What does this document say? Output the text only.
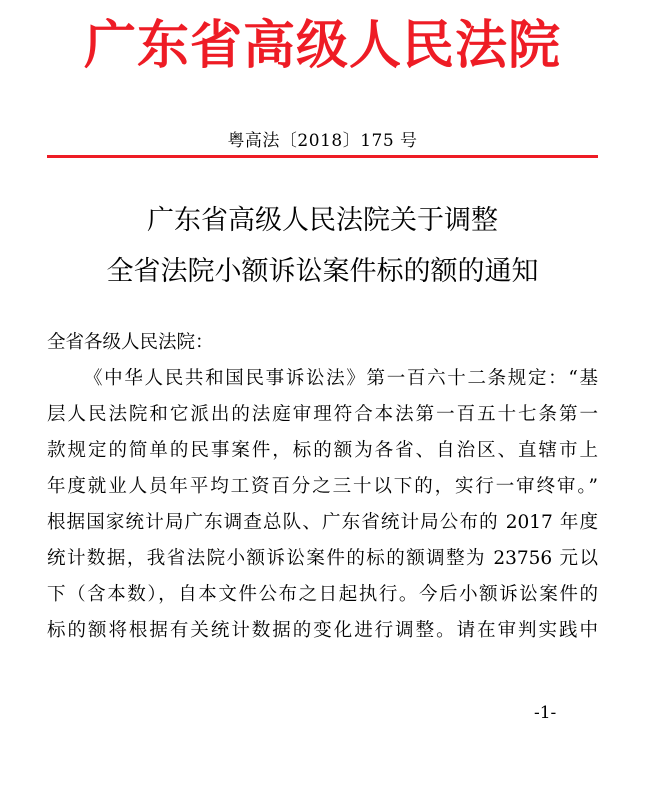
广东省高级人民法院
粤高法〔2018〕175 号
广东省高级人民法院关于调整
全省法院小额诉讼案件标的额的通知
全省各级人民法院：
《中华人民共和国民事诉讼法》第一百六十二条规定：“基
层人民法院和它派出的法庭审理符合本法第一百五十七条第一
款规定的简单的民事案件，标的额为各省、自治区、直辖市上
年度就业人员年平均工资百分之三十以下的，实行一审终审。”
根据国家统计局广东调查总队、广东省统计局公布的 2017 年度
统计数据，我省法院小额诉讼案件的标的额调整为 23756 元以
下（含本数），自本文件公布之日起执行。今后小额诉讼案件的
标的额将根据有关统计数据的变化进行调整。请在审判实践中
-1-
